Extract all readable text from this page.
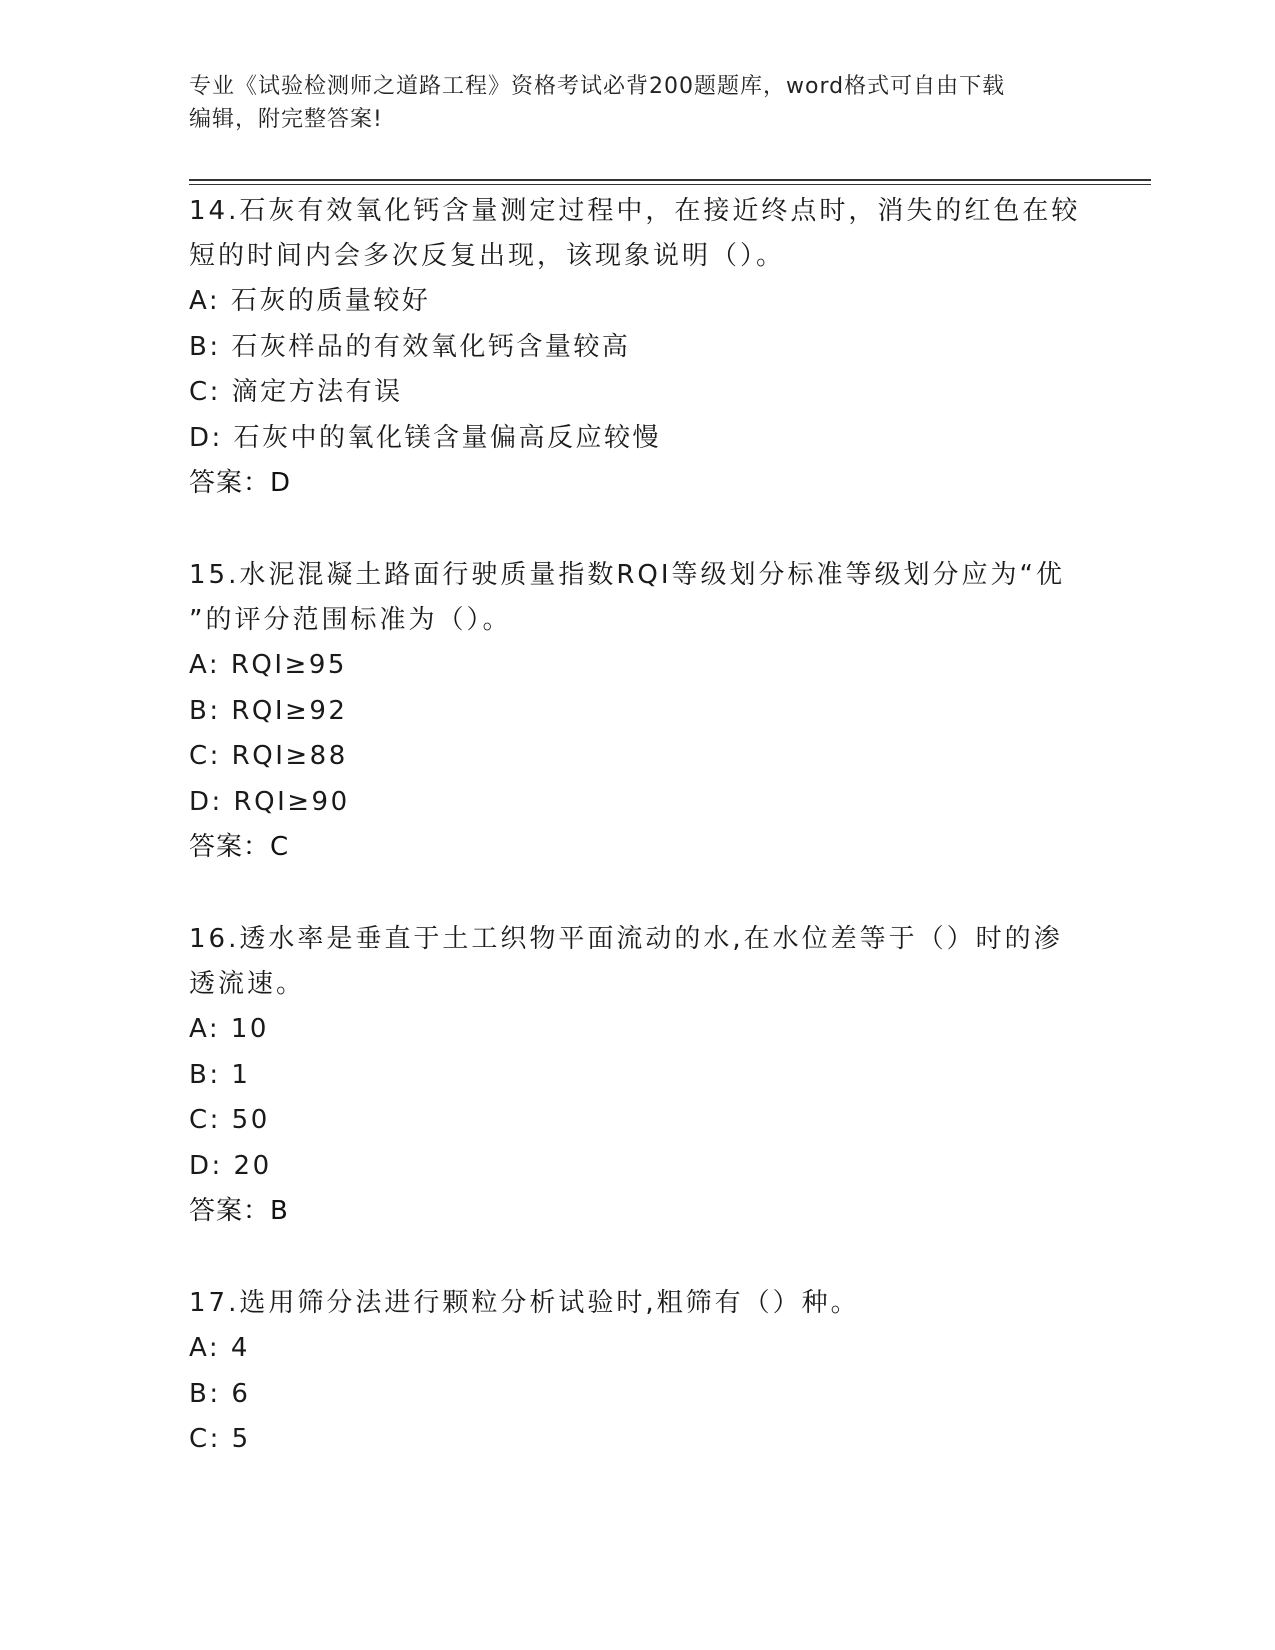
专业《试验检测师之道路工程》资格考试必背200题题库，word格式可自由下载
编辑，附完整答案!

14.石灰有效氧化钙含量测定过程中，在接近终点时，消失的红色在较
短的时间内会多次反复出现，该现象说明（）。

A: 石灰的质量较好

B: 石灰样品的有效氧化钙含量较高

C: 滴定方法有误

D: 石灰中的氧化镁含量偏高反应较慢

答案：D

15.水泥混凝土路面行驶质量指数RQI等级划分标准等级划分应为“优
”的评分范围标准为（）。

A: RQI≥95

B: RQI≥92

C: RQI≥88

D: RQI≥90

答案：C

16.透水率是垂直于土工织物平面流动的水,在水位差等于（）时的渗
透流速。

A: 10

B: 1

C: 50

D: 20

答案：B

17.选用筛分法进行颗粒分析试验时,粗筛有（）种。

A: 4

B: 6

C: 5
